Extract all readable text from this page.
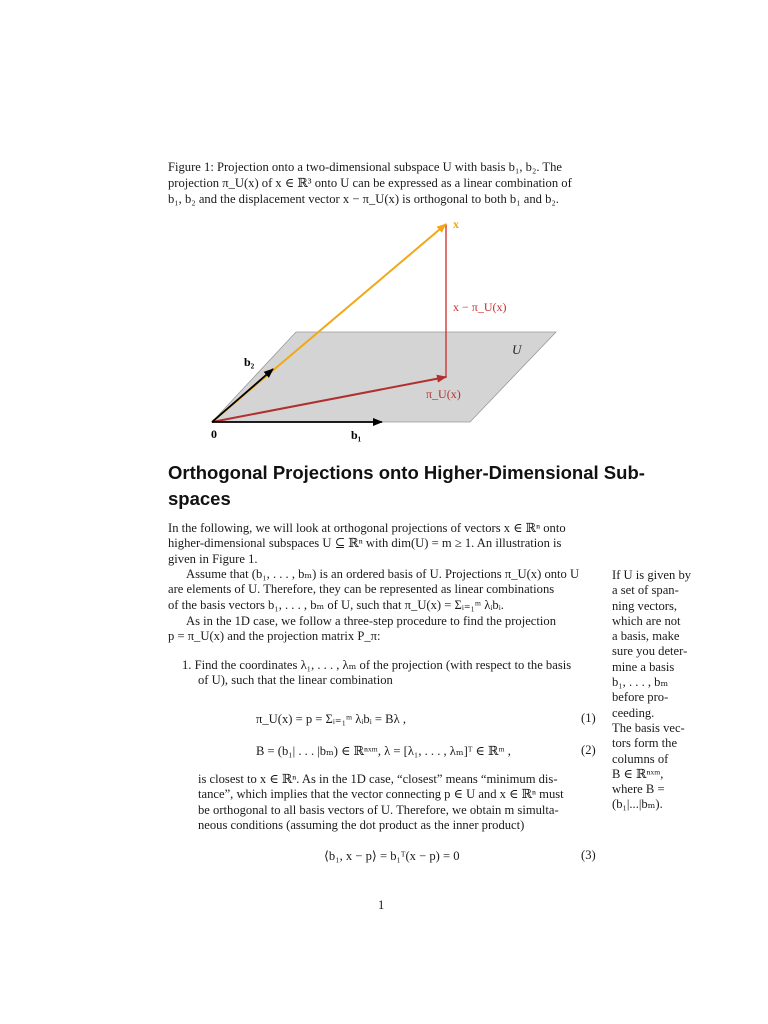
Figure 1: Projection onto a two-dimensional subspace U with basis b₁, b₂. The

projection π_U(x) of x ∈ ℝ³ onto U can be expressed as a linear combination of

b₁, b₂ and the displacement vector x − π_U(x) is orthogonal to both b₁ and b₂.

x
x − π_U(x)
U
b₂
π_U(x)
0	b₁
Orthogonal Projections onto Higher-Dimensional Sub-
spaces

In the following, we will look at orthogonal projections of vectors x ∈ ℝⁿ onto

higher-dimensional subspaces U ⊆ ℝⁿ with dim(U) = m ≥ 1. An illustration is

given in Figure 1.

Assume that (b₁, . . . , bₘ) is an ordered basis of U. Projections π_U(x) onto U

are elements of U. Therefore, they can be represented as linear combinations

of the basis vectors b₁, . . . , bₘ of U, such that π_U(x) = Σᵢ₌₁ᵐ λᵢbᵢ.

As in the 1D case, we follow a three-step procedure to find the projection

p = π_U(x) and the projection matrix P_π:

1. Find the coordinates λ₁, . . . , λₘ of the projection (with respect to the basis

of U), such that the linear combination

π_U(x) = p = Σᵢ₌₁ᵐ λᵢbᵢ = Bλ ,	(1)
B = (b₁| . . . |bₘ) ∈ ℝⁿˣᵐ, λ = [λ₁, . . . , λₘ]ᵀ ∈ ℝᵐ ,	(2)

is closest to x ∈ ℝⁿ. As in the 1D case, “closest” means “minimum dis-

tance”, which implies that the vector connecting p ∈ U and x ∈ ℝⁿ must

be orthogonal to all basis vectors of U. Therefore, we obtain m simulta-

neous conditions (assuming the dot product as the inner product)

⟨b₁, x − p⟩ = b₁ᵀ(x − p) = 0	(3)

If U is given by

a set of span-

ning vectors,

which are not

a basis, make

sure you deter-

mine a basis

b₁, . . . , bₘ

before pro-

ceeding.

The basis vec-

tors form the

columns of

B ∈ ℝⁿˣᵐ,

where B =

(b₁|...|bₘ).

1
